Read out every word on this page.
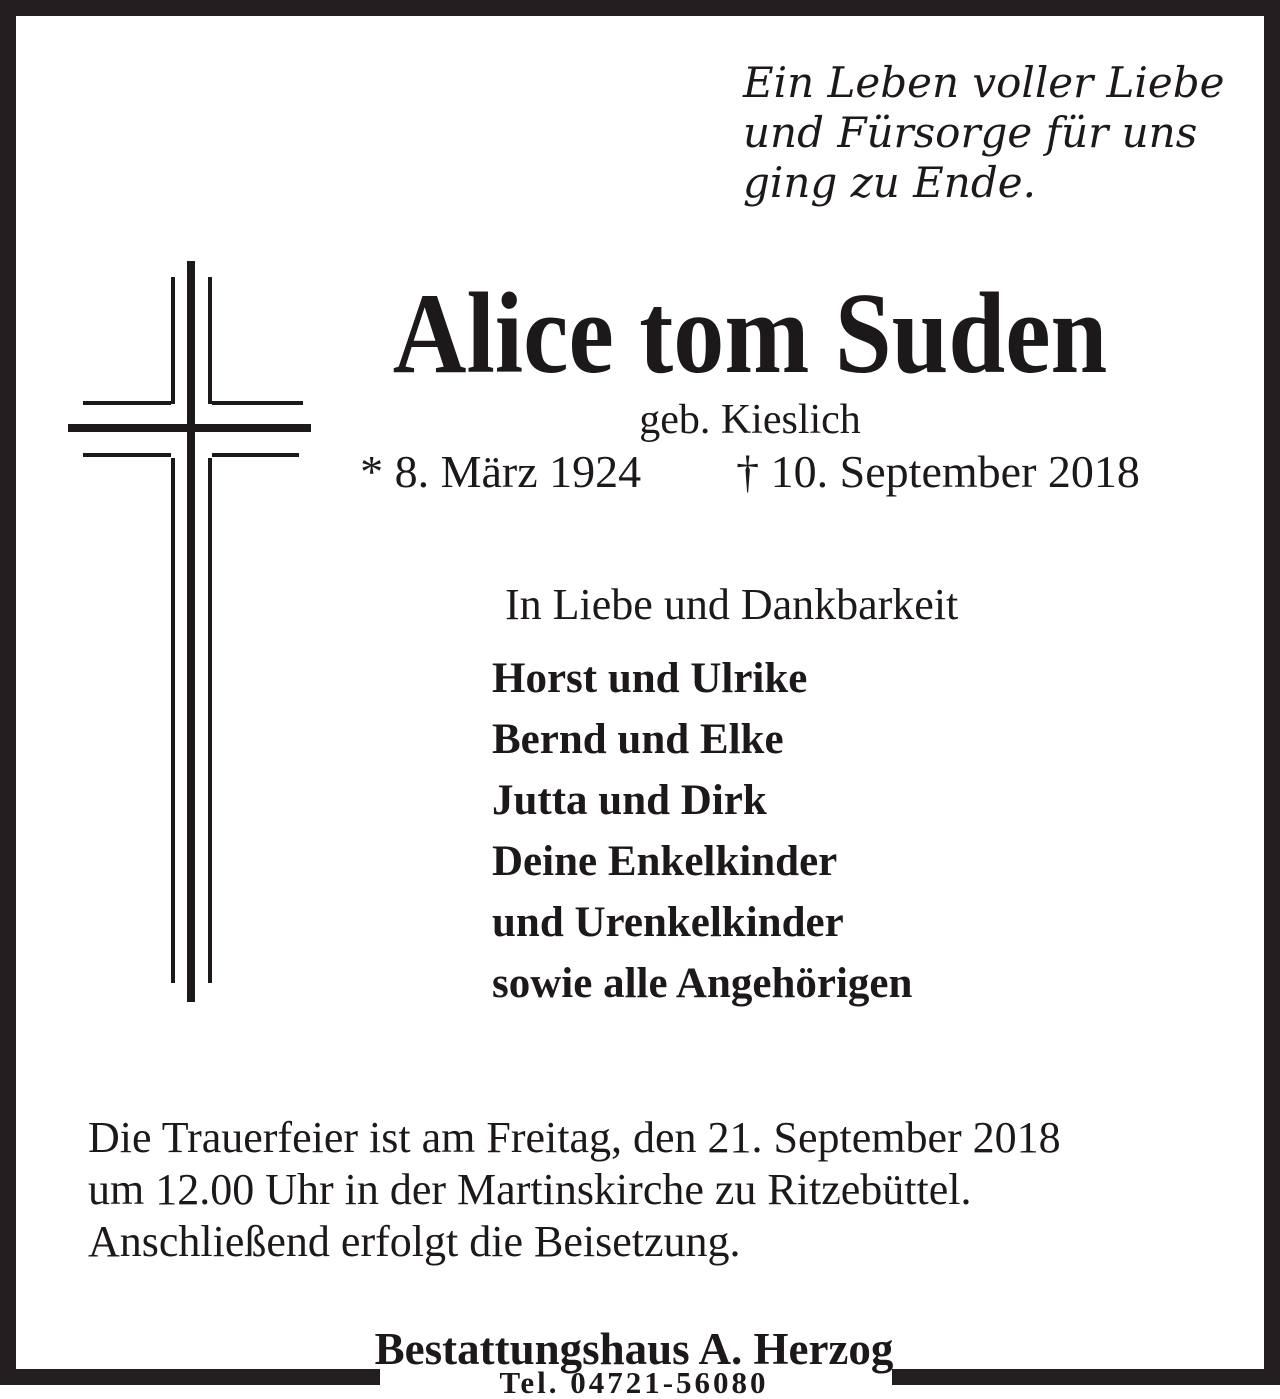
Ein Leben voller Liebe
und Fürsorge für uns
ging zu Ende.
Alice tom Suden
geb. Kieslich
* 8. März 1924 † 10. September 2018
In Liebe und Dankbarkeit
Horst und Ulrike
Bernd und Elke
Jutta und Dirk
Deine Enkelkinder
und Urenkelkinder
sowie alle Angehörigen
Die Trauerfeier ist am Freitag, den 21. September 2018
um 12.00 Uhr in der Martinskirche zu Ritzebüttel.
Anschließend erfolgt die Beisetzung.
Bestattungshaus A. Herzog
Tel. 04721-56080
